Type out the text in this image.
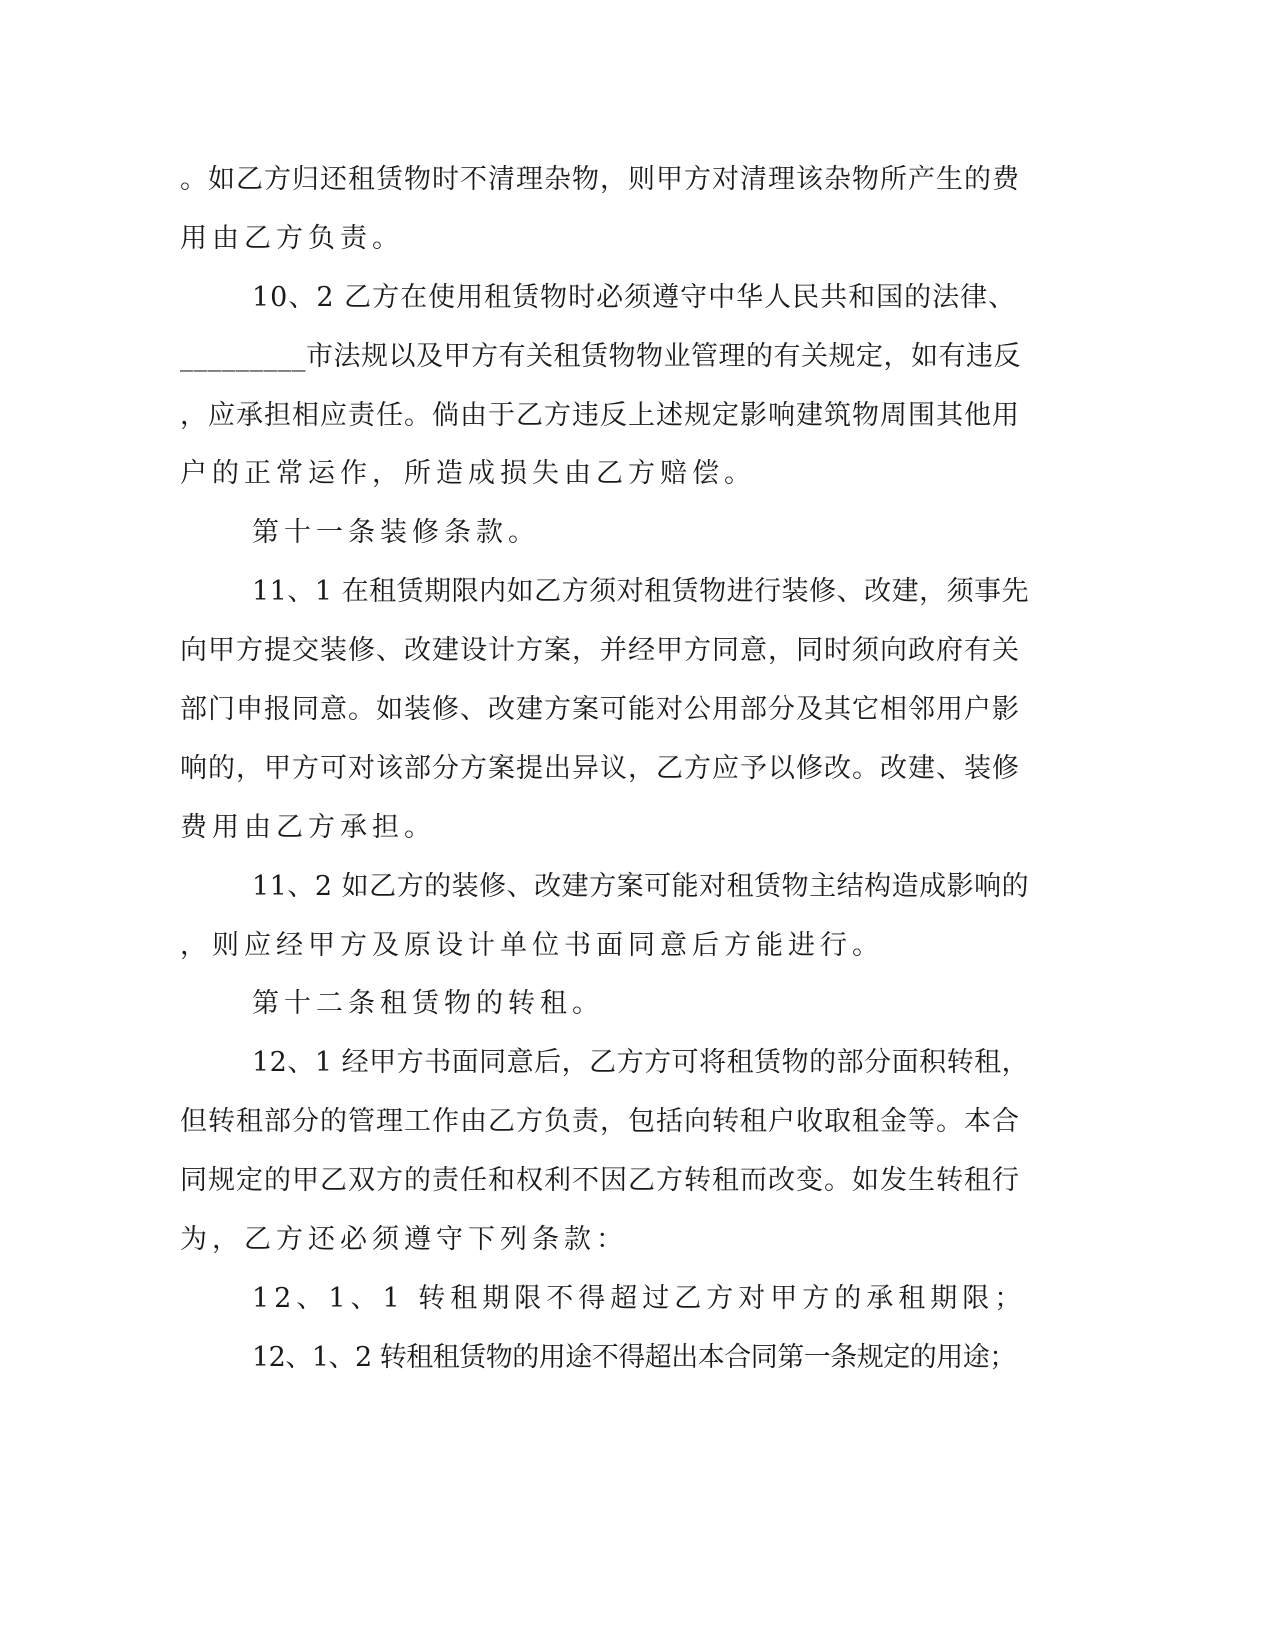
。如乙方归还租赁物时不清理杂物，则甲方对清理该杂物所产生的费
用由乙方负责。
10、2 乙方在使用租赁物时必须遵守中华人民共和国的法律、
_________市法规以及甲方有关租赁物物业管理的有关规定，如有违反
，应承担相应责任。倘由于乙方违反上述规定影响建筑物周围其他用
户的正常运作，所造成损失由乙方赔偿。
第十一条装修条款。
11、1 在租赁期限内如乙方须对租赁物进行装修、改建，须事先
向甲方提交装修、改建设计方案，并经甲方同意，同时须向政府有关
部门申报同意。如装修、改建方案可能对公用部分及其它相邻用户影
响的，甲方可对该部分方案提出异议，乙方应予以修改。改建、装修
费用由乙方承担。
11、2 如乙方的装修、改建方案可能对租赁物主结构造成影响的
，则应经甲方及原设计单位书面同意后方能进行。
第十二条租赁物的转租。
12、1 经甲方书面同意后，乙方方可将租赁物的部分面积转租，
但转租部分的管理工作由乙方负责，包括向转租户收取租金等。本合
同规定的甲乙双方的责任和权利不因乙方转租而改变。如发生转租行
为，乙方还必须遵守下列条款：
12、1、1 转租期限不得超过乙方对甲方的承租期限；
12、1、2 转租租赁物的用途不得超出本合同第一条规定的用途；
